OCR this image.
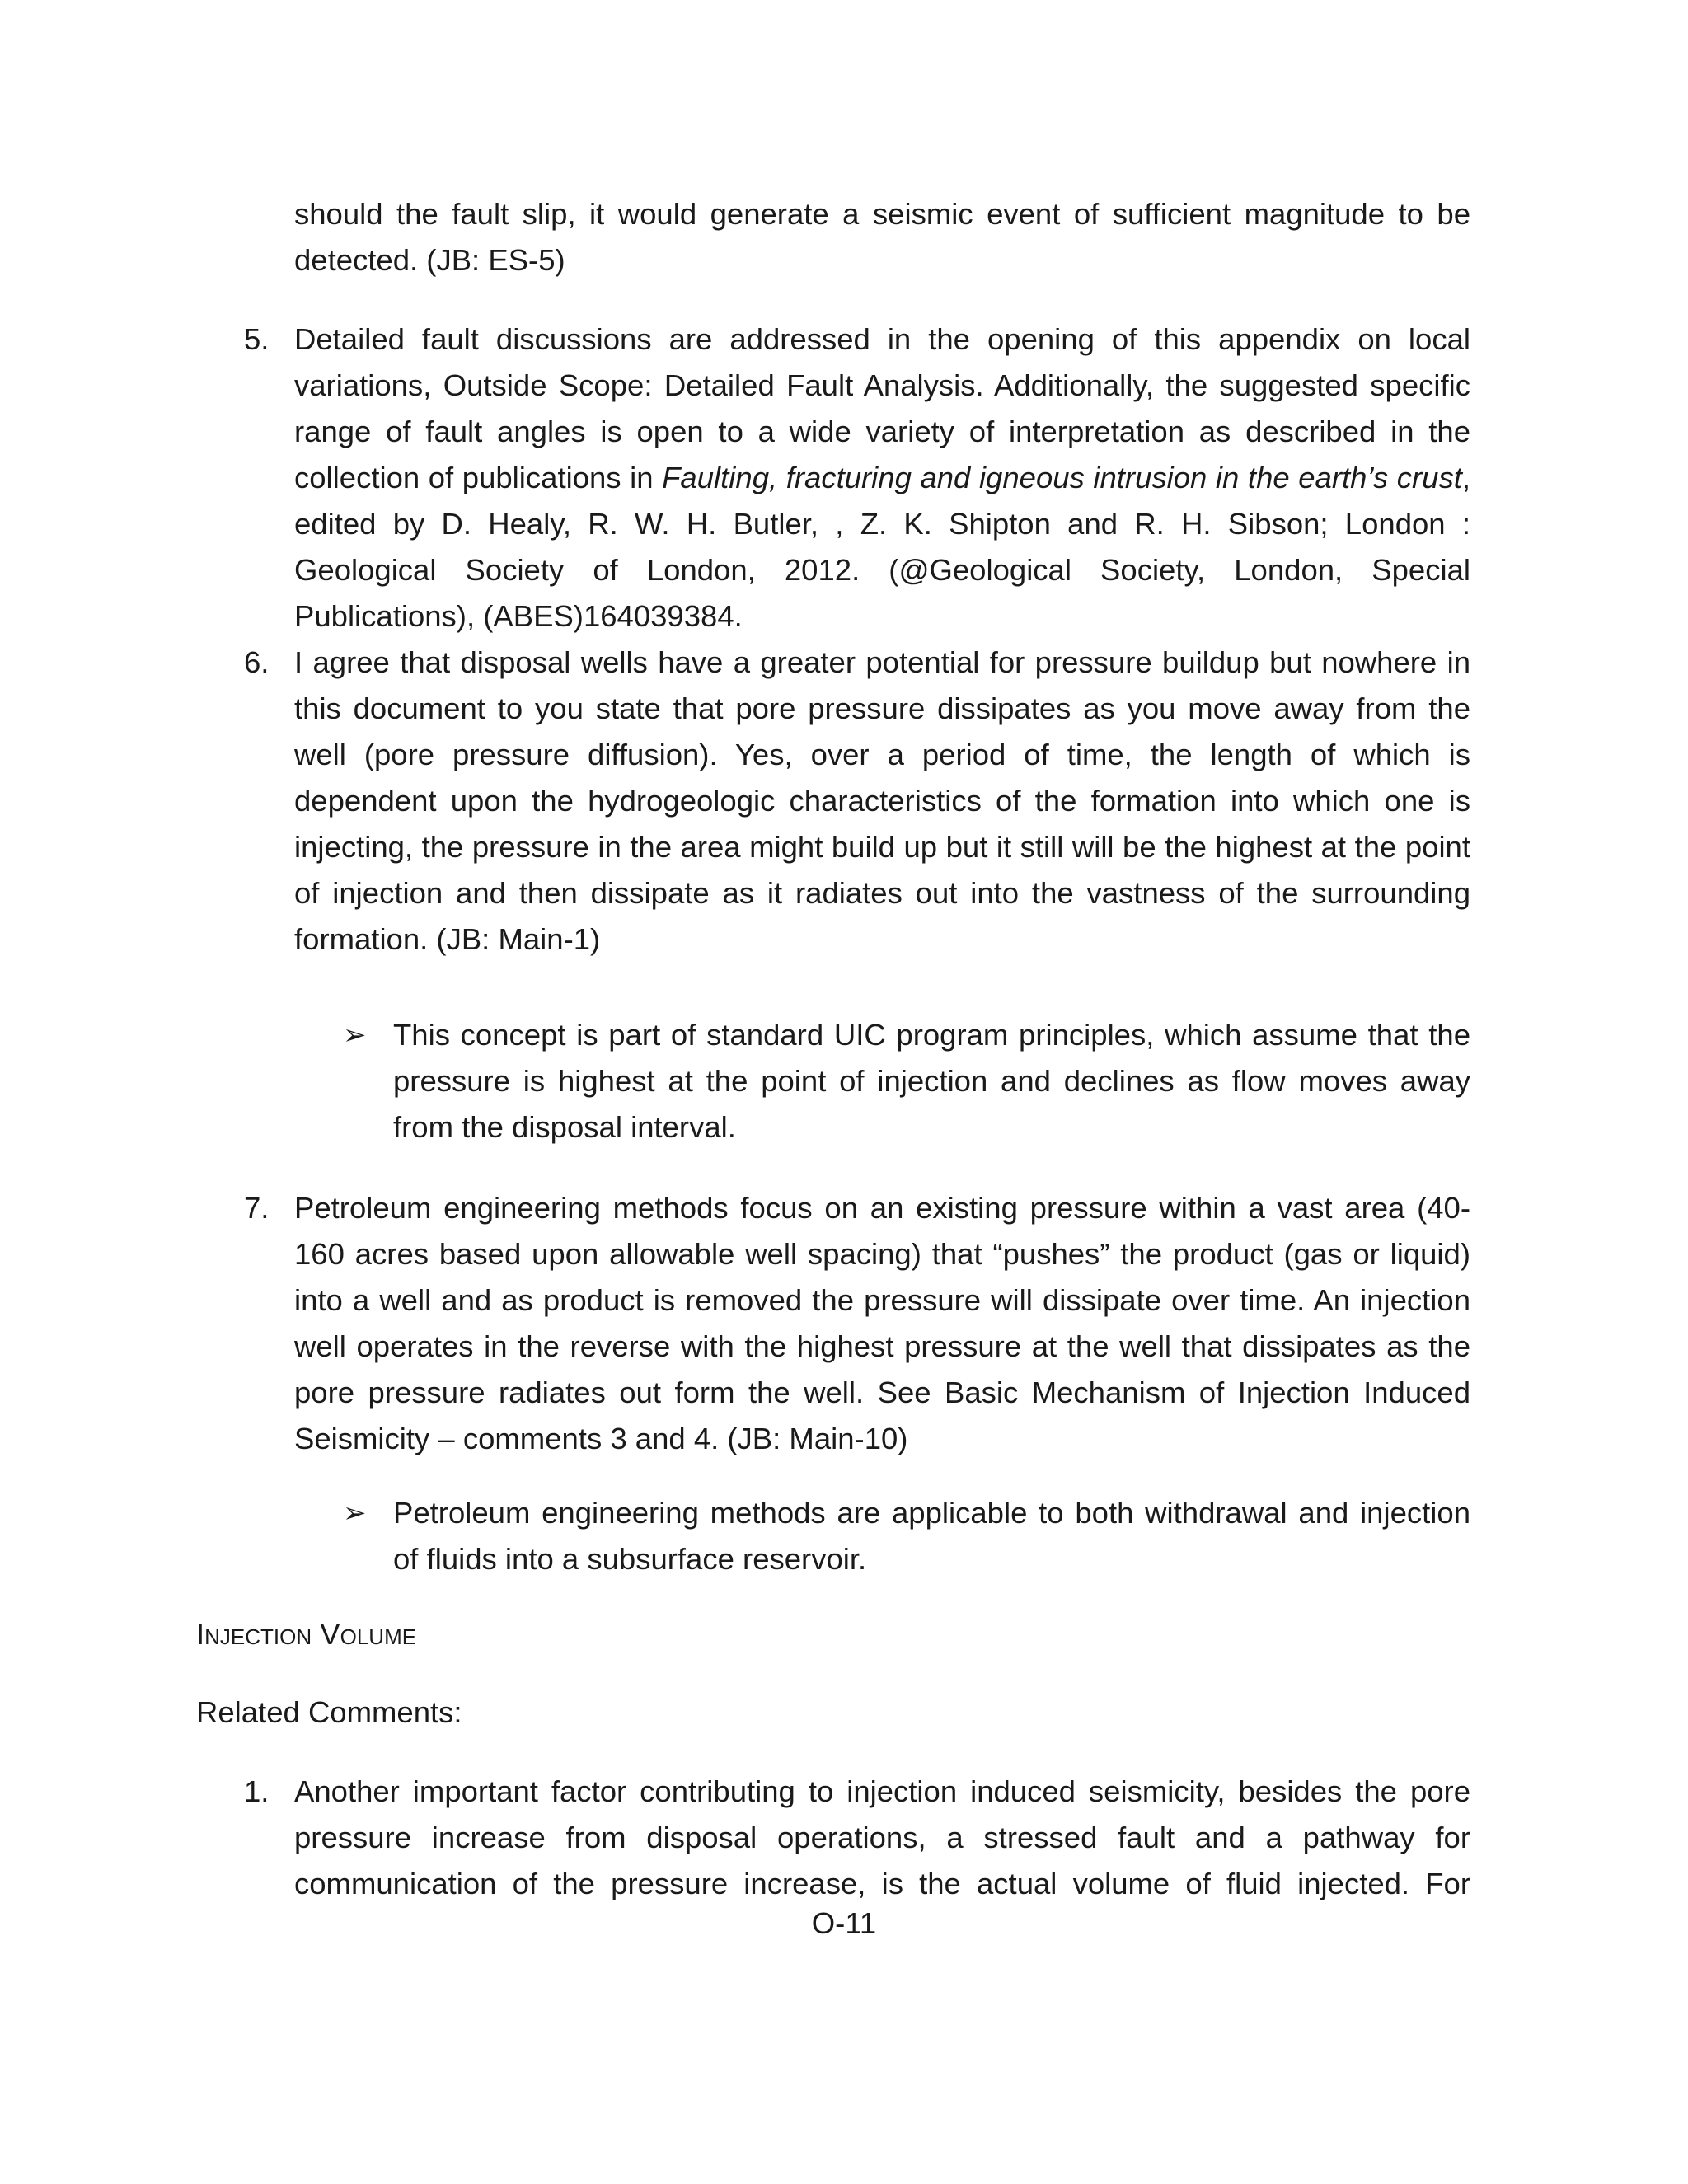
should the fault slip, it would generate a seismic event of sufficient magnitude to be detected. (JB: ES-5)

5. Detailed fault discussions are addressed in the opening of this appendix on local variations, Outside Scope: Detailed Fault Analysis. Additionally, the suggested specific range of fault angles is open to a wide variety of interpretation as described in the collection of publications in Faulting, fracturing and igneous intrusion in the earth’s crust, edited by D. Healy, R. W. H. Butler, , Z. K. Shipton and R. H. Sibson; London : Geological Society of London, 2012. (@Geological Society, London, Special Publications), (ABES)164039384.

6. I agree that disposal wells have a greater potential for pressure buildup but nowhere in this document to you state that pore pressure dissipates as you move away from the well (pore pressure diffusion). Yes, over a period of time, the length of which is dependent upon the hydrogeologic characteristics of the formation into which one is injecting, the pressure in the area might build up but it still will be the highest at the point of injection and then dissipate as it radiates out into the vastness of the surrounding formation. (JB: Main-1)

➢ This concept is part of standard UIC program principles, which assume that the pressure is highest at the point of injection and declines as flow moves away from the disposal interval.

7. Petroleum engineering methods focus on an existing pressure within a vast area (40-160 acres based upon allowable well spacing) that “pushes” the product (gas or liquid) into a well and as product is removed the pressure will dissipate over time. An injection well operates in the reverse with the highest pressure at the well that dissipates as the pore pressure radiates out form the well. See Basic Mechanism of Injection Induced Seismicity – comments 3 and 4. (JB: Main-10)

➢ Petroleum engineering methods are applicable to both withdrawal and injection of fluids into a subsurface reservoir.

Injection Volume

Related Comments:

1. Another important factor contributing to injection induced seismicity, besides the pore pressure increase from disposal operations, a stressed fault and a pathway for communication of the pressure increase, is the actual volume of fluid injected. For

O-11
